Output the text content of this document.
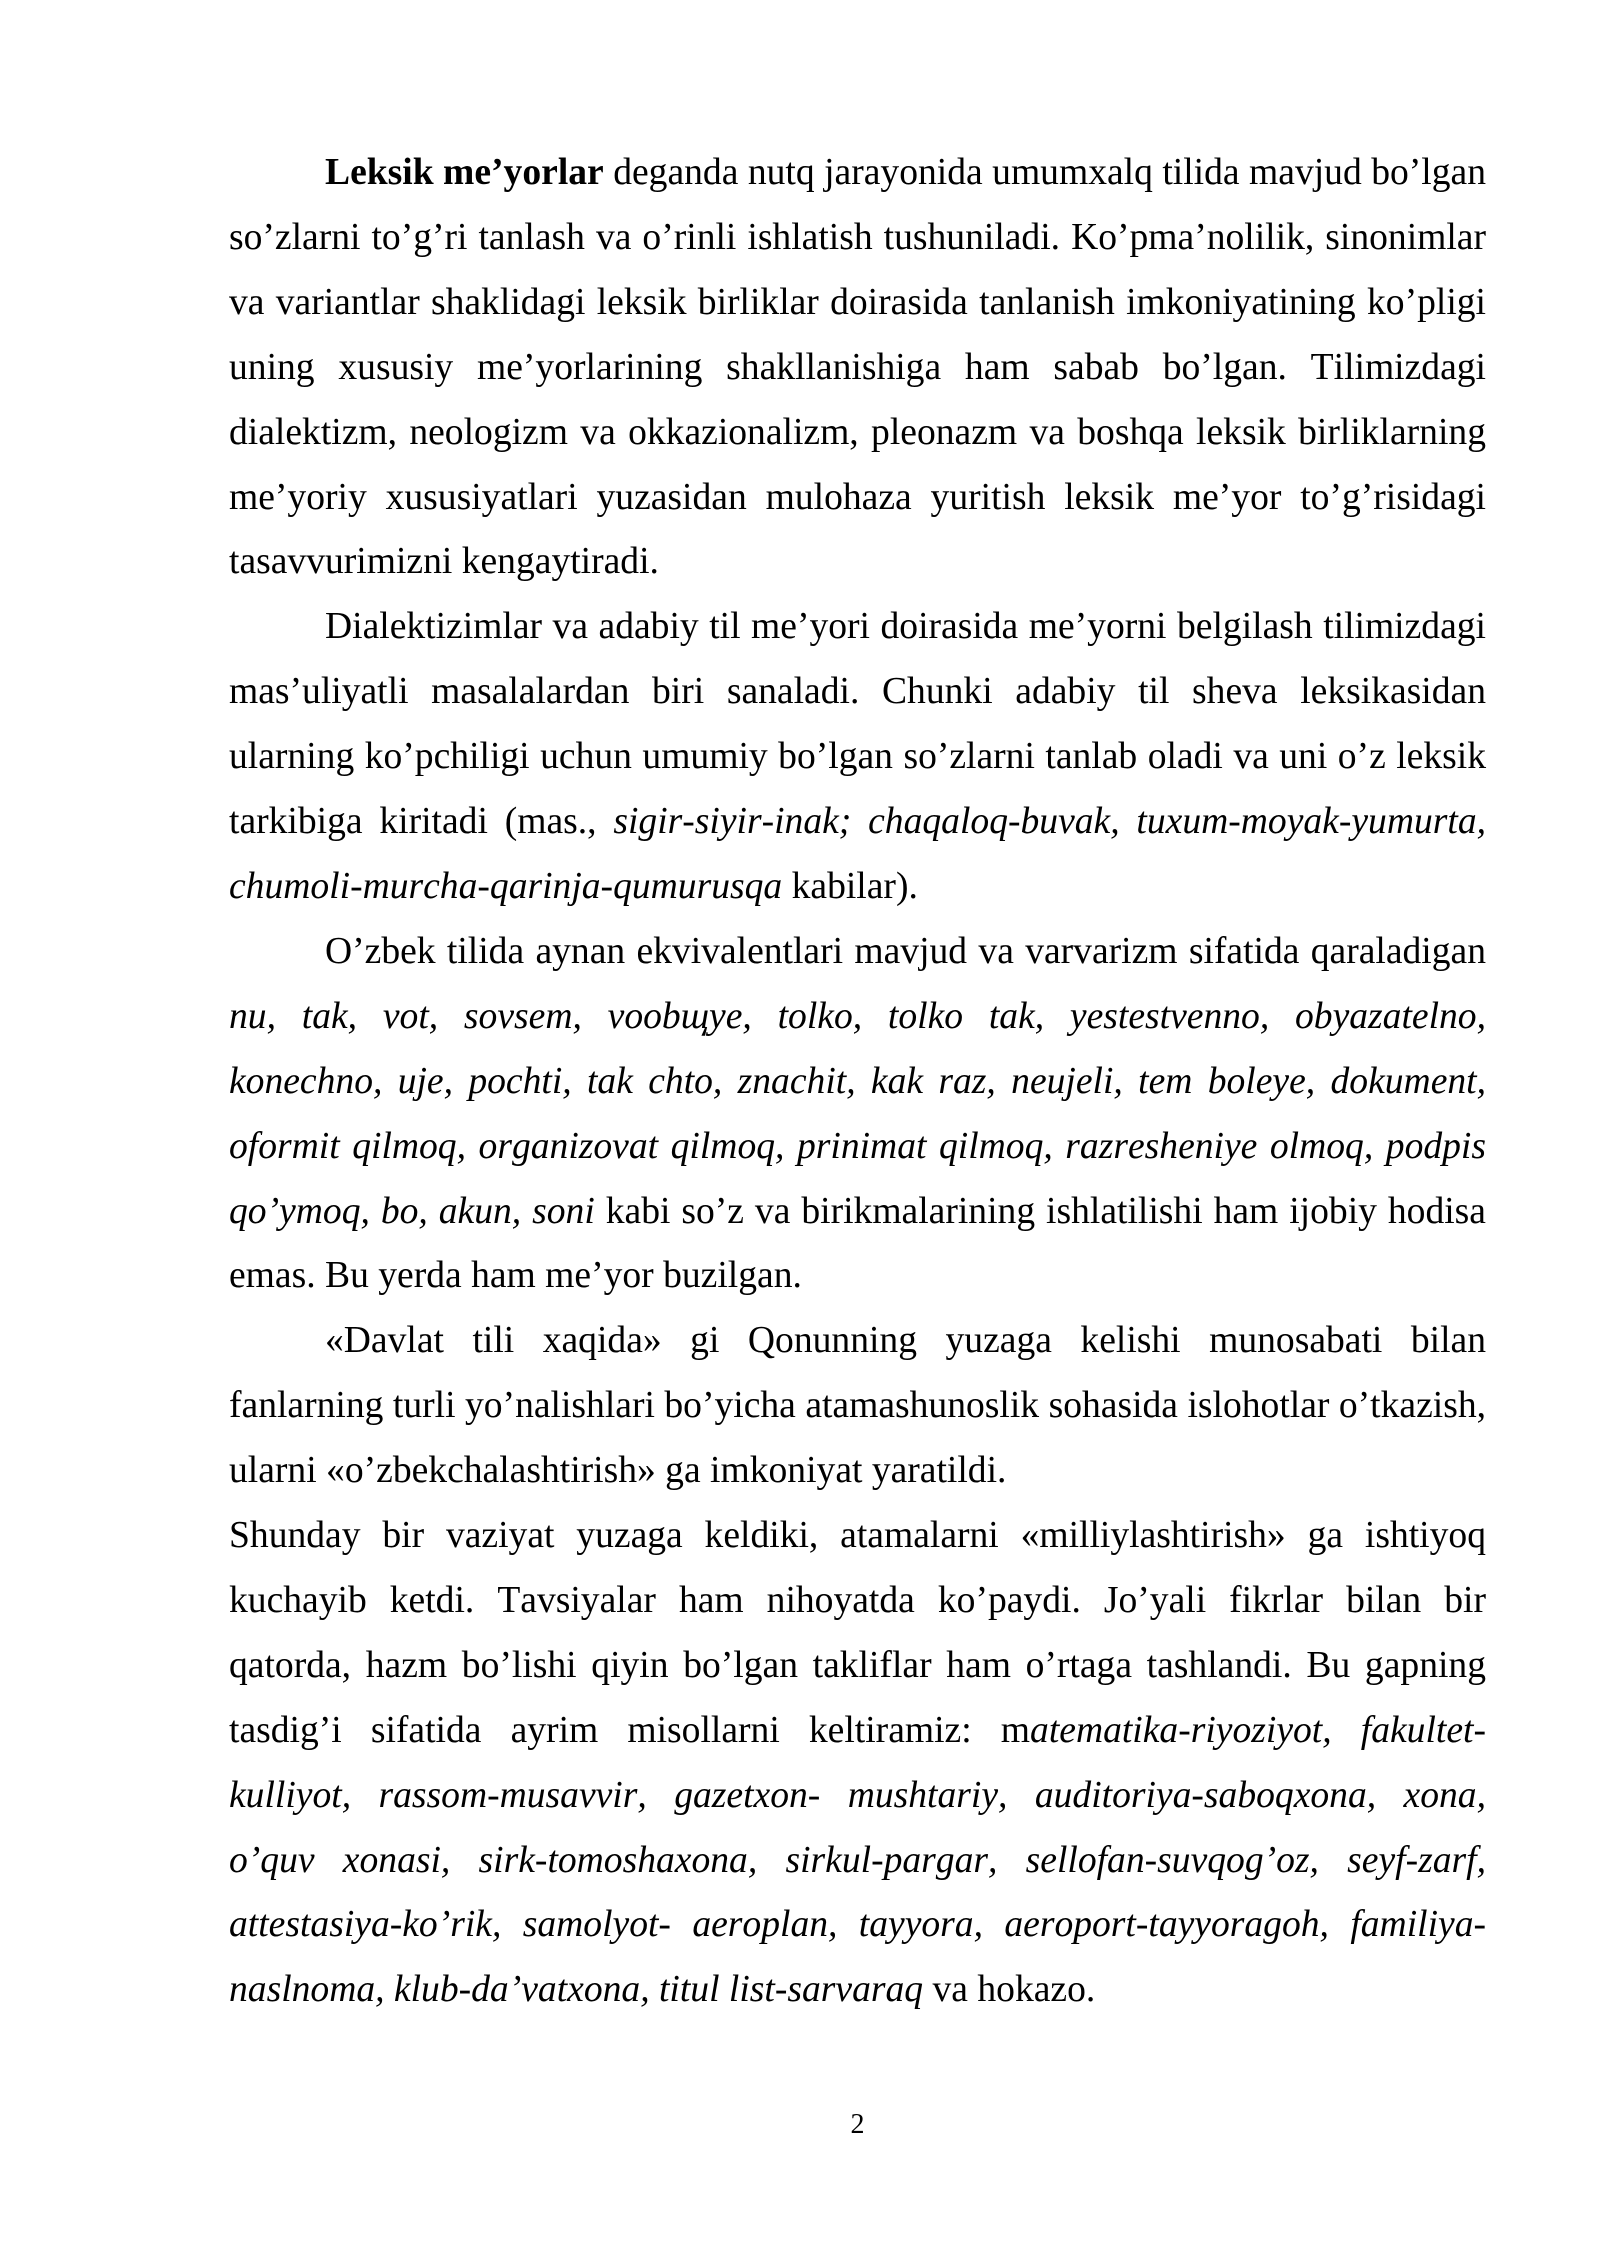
Leksik me’yorlar deganda nutq jarayonida umumxalq tilida mavjud bo’lgan so’zlarni to’g’ri tanlash va o’rinli ishlatish tushuniladi. Ko’pma’nolilik, sinonimlar va variantlar shaklidagi leksik birliklar doirasida tanlanish imkoniyatining ko’pligi uning xususiy me’yorlarining shakllanishiga ham sabab bo’lgan. Tilimizdagi dialektizm, neologizm va okkazionalizm, pleonazm va boshqa leksik birliklarning me’yoriy xususiyatlari yuzasidan mulohaza yuritish leksik me’yor to’g’risidagi tasavvurimizni kengaytiradi.

Dialektizimlar va adabiy til me’yori doirasida me’yorni belgilash tilimizdagi mas’uliyatli masalalardan biri sanaladi. Chunki adabiy til sheva leksikasidan ularning ko’pchiligi uchun umumiy bo’lgan so’zlarni tanlab oladi va uni o’z leksik tarkibiga kiritadi (mas., sigir-siyir-inak; chaqaloq-buvak, tuxum-moyak-yumurta, chumoli-murcha-qarinja-qumurusqa kabilar).

O’zbek tilida aynan ekvivalentlari mavjud va varvarizm sifatida qaraladigan nu, tak, vot, sovsem, voobщye, tolko, tolko tak, yestestvenno, obyazatelno, konechno, uje, pochti, tak chto, znachit, kak raz, neujeli, tem boleye, dokument, oformit qilmoq, organizovat qilmoq, prinimat qilmoq, razresheniye olmoq, podpis qo’ymoq, bo, akun, soni kabi so’z va birikmalarining ishlatilishi ham ijobiy hodisa emas. Bu yerda ham me’yor buzilgan.

«Davlat tili xaqida» gi Qonunning yuzaga kelishi munosabati bilan fanlarning turli yo’nalishlari bo’yicha atamashunoslik sohasida islohotlar o’tkazish, ularni «o’zbekchalashtirish» ga imkoniyat yaratildi.

Shunday bir vaziyat yuzaga keldiki, atamalarni «milliylashtirish» ga ishtiyoq kuchayib ketdi. Tavsiyalar ham nihoyatda ko’paydi. Jo’yali fikrlar bilan bir qatorda, hazm bo’lishi qiyin bo’lgan takliflar ham o’rtaga tashlandi. Bu gapning tasdig’i sifatida ayrim misollarni keltiramiz: matematika-riyoziyot, fakultet-kulliyot, rassom-musavvir, gazetxon- mushtariy, auditoriya-saboqxona, xona, o’quv xonasi, sirk-tomoshaxona, sirkul-pargar, sellofan-suvqog’oz, seyf-zarf, attestasiya-ko’rik, samolyot- aeroplan, tayyora, aeroport-tayyoragoh, familiya-naslnoma, klub-da’vatxona, titul list-sarvaraq va hokazo.

2
